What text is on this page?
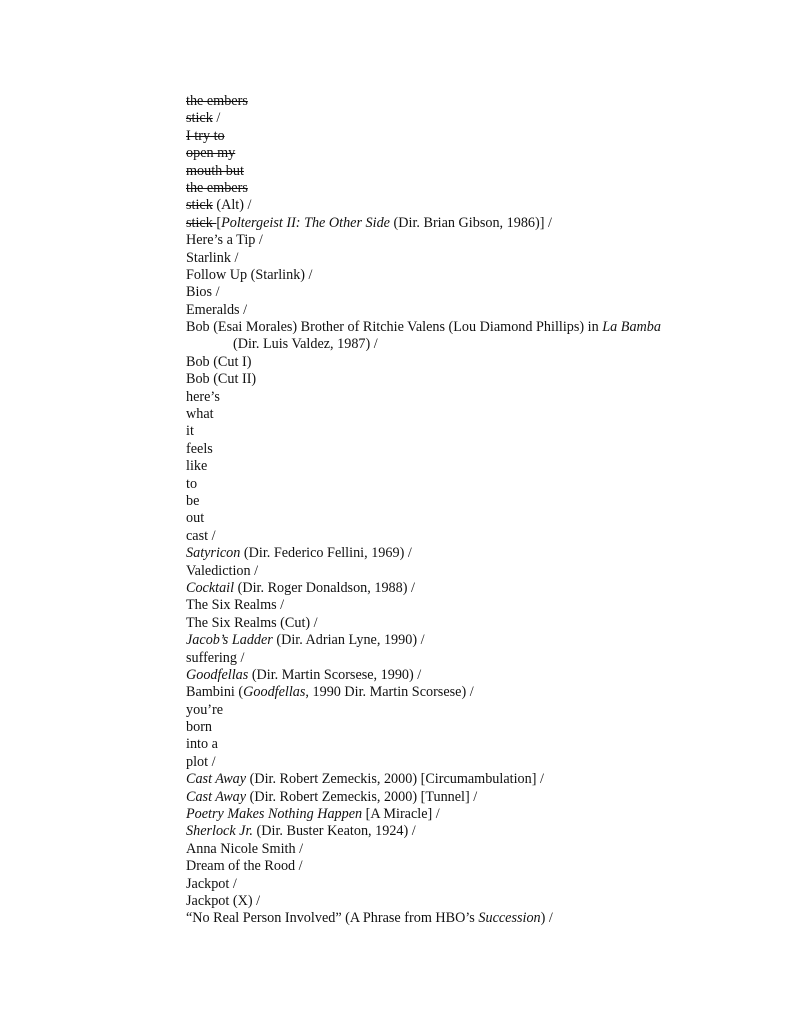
the embers
stick /
I try to
open my
mouth but
the embers
stick (Alt) /
stick [Poltergeist II: The Other Side (Dir. Brian Gibson, 1986)] /
Here’s a Tip /
Starlink /
Follow Up (Starlink) /
Bios /
Emeralds /
Bob (Esai Morales) Brother of Ritchie Valens (Lou Diamond Phillips) in La Bamba
(Dir. Luis Valdez, 1987) /
Bob (Cut I)
Bob (Cut II)
here’s
what
it
feels
like
to
be
out
cast /
Satyricon (Dir. Federico Fellini, 1969) /
Valediction /
Cocktail (Dir. Roger Donaldson, 1988) /
The Six Realms /
The Six Realms (Cut) /
Jacob’s Ladder (Dir. Adrian Lyne, 1990) /
suffering /
Goodfellas (Dir. Martin Scorsese, 1990) /
Bambini (Goodfellas, 1990 Dir. Martin Scorsese) /
you’re
born
into a
plot /
Cast Away (Dir. Robert Zemeckis, 2000) [Circumambulation] /
Cast Away (Dir. Robert Zemeckis, 2000) [Tunnel] /
Poetry Makes Nothing Happen [A Miracle] /
Sherlock Jr. (Dir. Buster Keaton, 1924) /
Anna Nicole Smith /
Dream of the Rood /
Jackpot /
Jackpot (X) /
“No Real Person Involved” (A Phrase from HBO’s Succession) /
